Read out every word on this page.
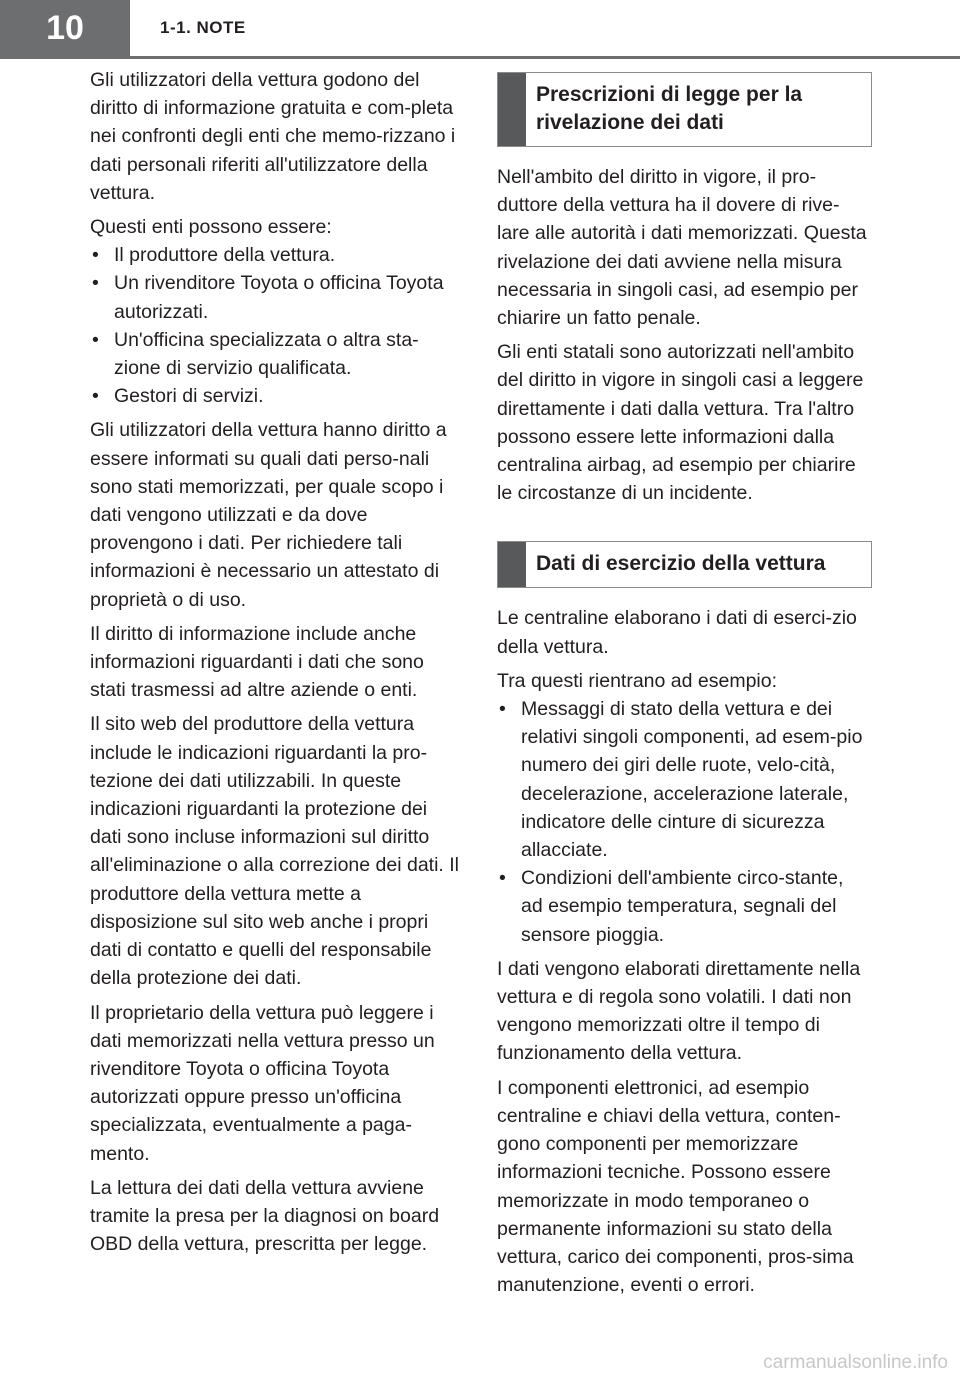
10	1-1. NOTE

Gli utilizzatori della vettura godono del diritto di informazione gratuita e com-pleta nei confronti degli enti che memo-rizzano i dati personali riferiti all'utilizzatore della vettura.

Questi enti possono essere:

• Il produttore della vettura.
• Un rivenditore Toyota o officina Toyota autorizzati.
• Un'officina specializzata o altra sta-zione di servizio qualificata.
• Gestori di servizi.

Gli utilizzatori della vettura hanno diritto a essere informati su quali dati perso-nali sono stati memorizzati, per quale scopo i dati vengono utilizzati e da dove provengono i dati. Per richiedere tali informazioni è necessario un attestato di proprietà o di uso.

Il diritto di informazione include anche informazioni riguardanti i dati che sono stati trasmessi ad altre aziende o enti.

Il sito web del produttore della vettura include le indicazioni riguardanti la pro-tezione dei dati utilizzabili. In queste indicazioni riguardanti la protezione dei dati sono incluse informazioni sul diritto all'eliminazione o alla correzione dei dati. Il produttore della vettura mette a disposizione sul sito web anche i propri dati di contatto e quelli del responsabile della protezione dei dati.

Il proprietario della vettura può leggere i dati memorizzati nella vettura presso un rivenditore Toyota o officina Toyota autorizzati oppure presso un'officina specializzata, eventualmente a paga-mento.

La lettura dei dati della vettura avviene tramite la presa per la diagnosi on board OBD della vettura, prescritta per legge.

Prescrizioni di legge per la rivelazione dei dati

Nell'ambito del diritto in vigore, il pro-duttore della vettura ha il dovere di rive-lare alle autorità i dati memorizzati. Questa rivelazione dei dati avviene nella misura necessaria in singoli casi, ad esempio per chiarire un fatto penale.

Gli enti statali sono autorizzati nell'ambito del diritto in vigore in singoli casi a leggere direttamente i dati dalla vettura. Tra l'altro possono essere lette informazioni dalla centralina airbag, ad esempio per chiarire le circostanze di un incidente.

Dati di esercizio della vettura

Le centraline elaborano i dati di eserci-zio della vettura.

Tra questi rientrano ad esempio:

• Messaggi di stato della vettura e dei relativi singoli componenti, ad esem-pio numero dei giri delle ruote, velo-cità, decelerazione, accelerazione laterale, indicatore delle cinture di sicurezza allacciate.
• Condizioni dell'ambiente circo-stante, ad esempio temperatura, segnali del sensore pioggia.

I dati vengono elaborati direttamente nella vettura e di regola sono volatili. I dati non vengono memorizzati oltre il tempo di funzionamento della vettura.

I componenti elettronici, ad esempio centraline e chiavi della vettura, conten-gono componenti per memorizzare informazioni tecniche. Possono essere memorizzate in modo temporaneo o permanente informazioni su stato della vettura, carico dei componenti, pros-sima manutenzione, eventi o errori.

carmanualsonline.info
